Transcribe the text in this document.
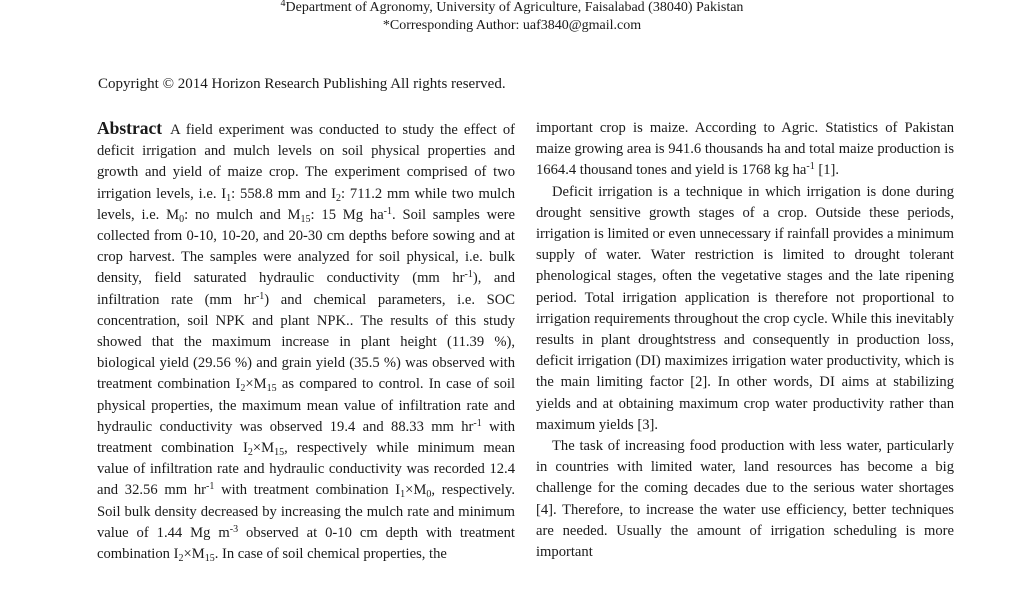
$^4$Department of Agronomy, University of Agriculture, Faisalabad (38040) Pakistan
*Corresponding Author: uaf3840@gmail.com
Copyright © 2014 Horizon Research Publishing All rights reserved.

Abstract A field experiment was conducted to study the effect of deficit irrigation and mulch levels on soil physical properties and growth and yield of maize crop. The experiment comprised of two irrigation levels, i.e. $I_1$: 558.8 mm and $I_2$: 711.2 mm while two mulch levels, i.e. $M_0$: no mulch and $M_{15}$: 15 Mg $ha^{-1}$. Soil samples were collected from 0-10, 10-20, and 20-30 cm depths before sowing and at crop harvest. The samples were analyzed for soil physical, i.e. bulk density, field saturated hydraulic conductivity (mm $hr^{-1}$), and infiltration rate (mm $hr^{-1}$) and chemical parameters, i.e. SOC concentration, soil NPK and plant NPK.. The results of this study showed that the maximum increase in plant height (11.39 %), biological yield (29.56 %) and grain yield (35.5 %) was observed with treatment combination $I_2\times M_{15}$ as compared to control. In case of soil physical properties, the maximum mean value of infiltration rate and hydraulic conductivity was observed 19.4 and 88.33 mm $hr^{-1}$ with treatment combination $I_2\times M_{15}$, respectively while minimum mean value of infiltration rate and hydraulic conductivity was recorded 12.4 and 32.56 mm $hr^{-1}$ with treatment combination $I_1\times M_0$, respectively. Soil bulk density decreased by increasing the mulch rate and minimum value of 1.44 Mg $m^{-3}$ observed at 0-10 cm depth with treatment combination $I_2\times M_{15}$. In case of soil chemical properties, the

important crop is maize. According to Agric. Statistics of Pakistan maize growing area is 941.6 thousands ha and total maize production is 1664.4 thousand tones and yield is 1768 kg $ha^{-1}$ [1].

Deficit irrigation is a technique in which irrigation is done during drought sensitive growth stages of a crop. Outside these periods, irrigation is limited or even unnecessary if rainfall provides a minimum supply of water. Water restriction is limited to drought tolerant phenological stages, often the vegetative stages and the late ripening period. Total irrigation application is therefore not proportional to irrigation requirements throughout the crop cycle. While this inevitably results in plant droughtstress and consequently in production loss, deficit irrigation (DI) maximizes irrigation water productivity, which is the main limiting factor [2]. In other words, DI aims at stabilizing yields and at obtaining maximum crop water productivity rather than maximum yields [3].

The task of increasing food production with less water, particularly in countries with limited water, land resources has become a big challenge for the coming decades due to the serious water shortages [4]. Therefore, to increase the water use efficiency, better techniques are needed. Usually the amount of irrigation scheduling is more important
